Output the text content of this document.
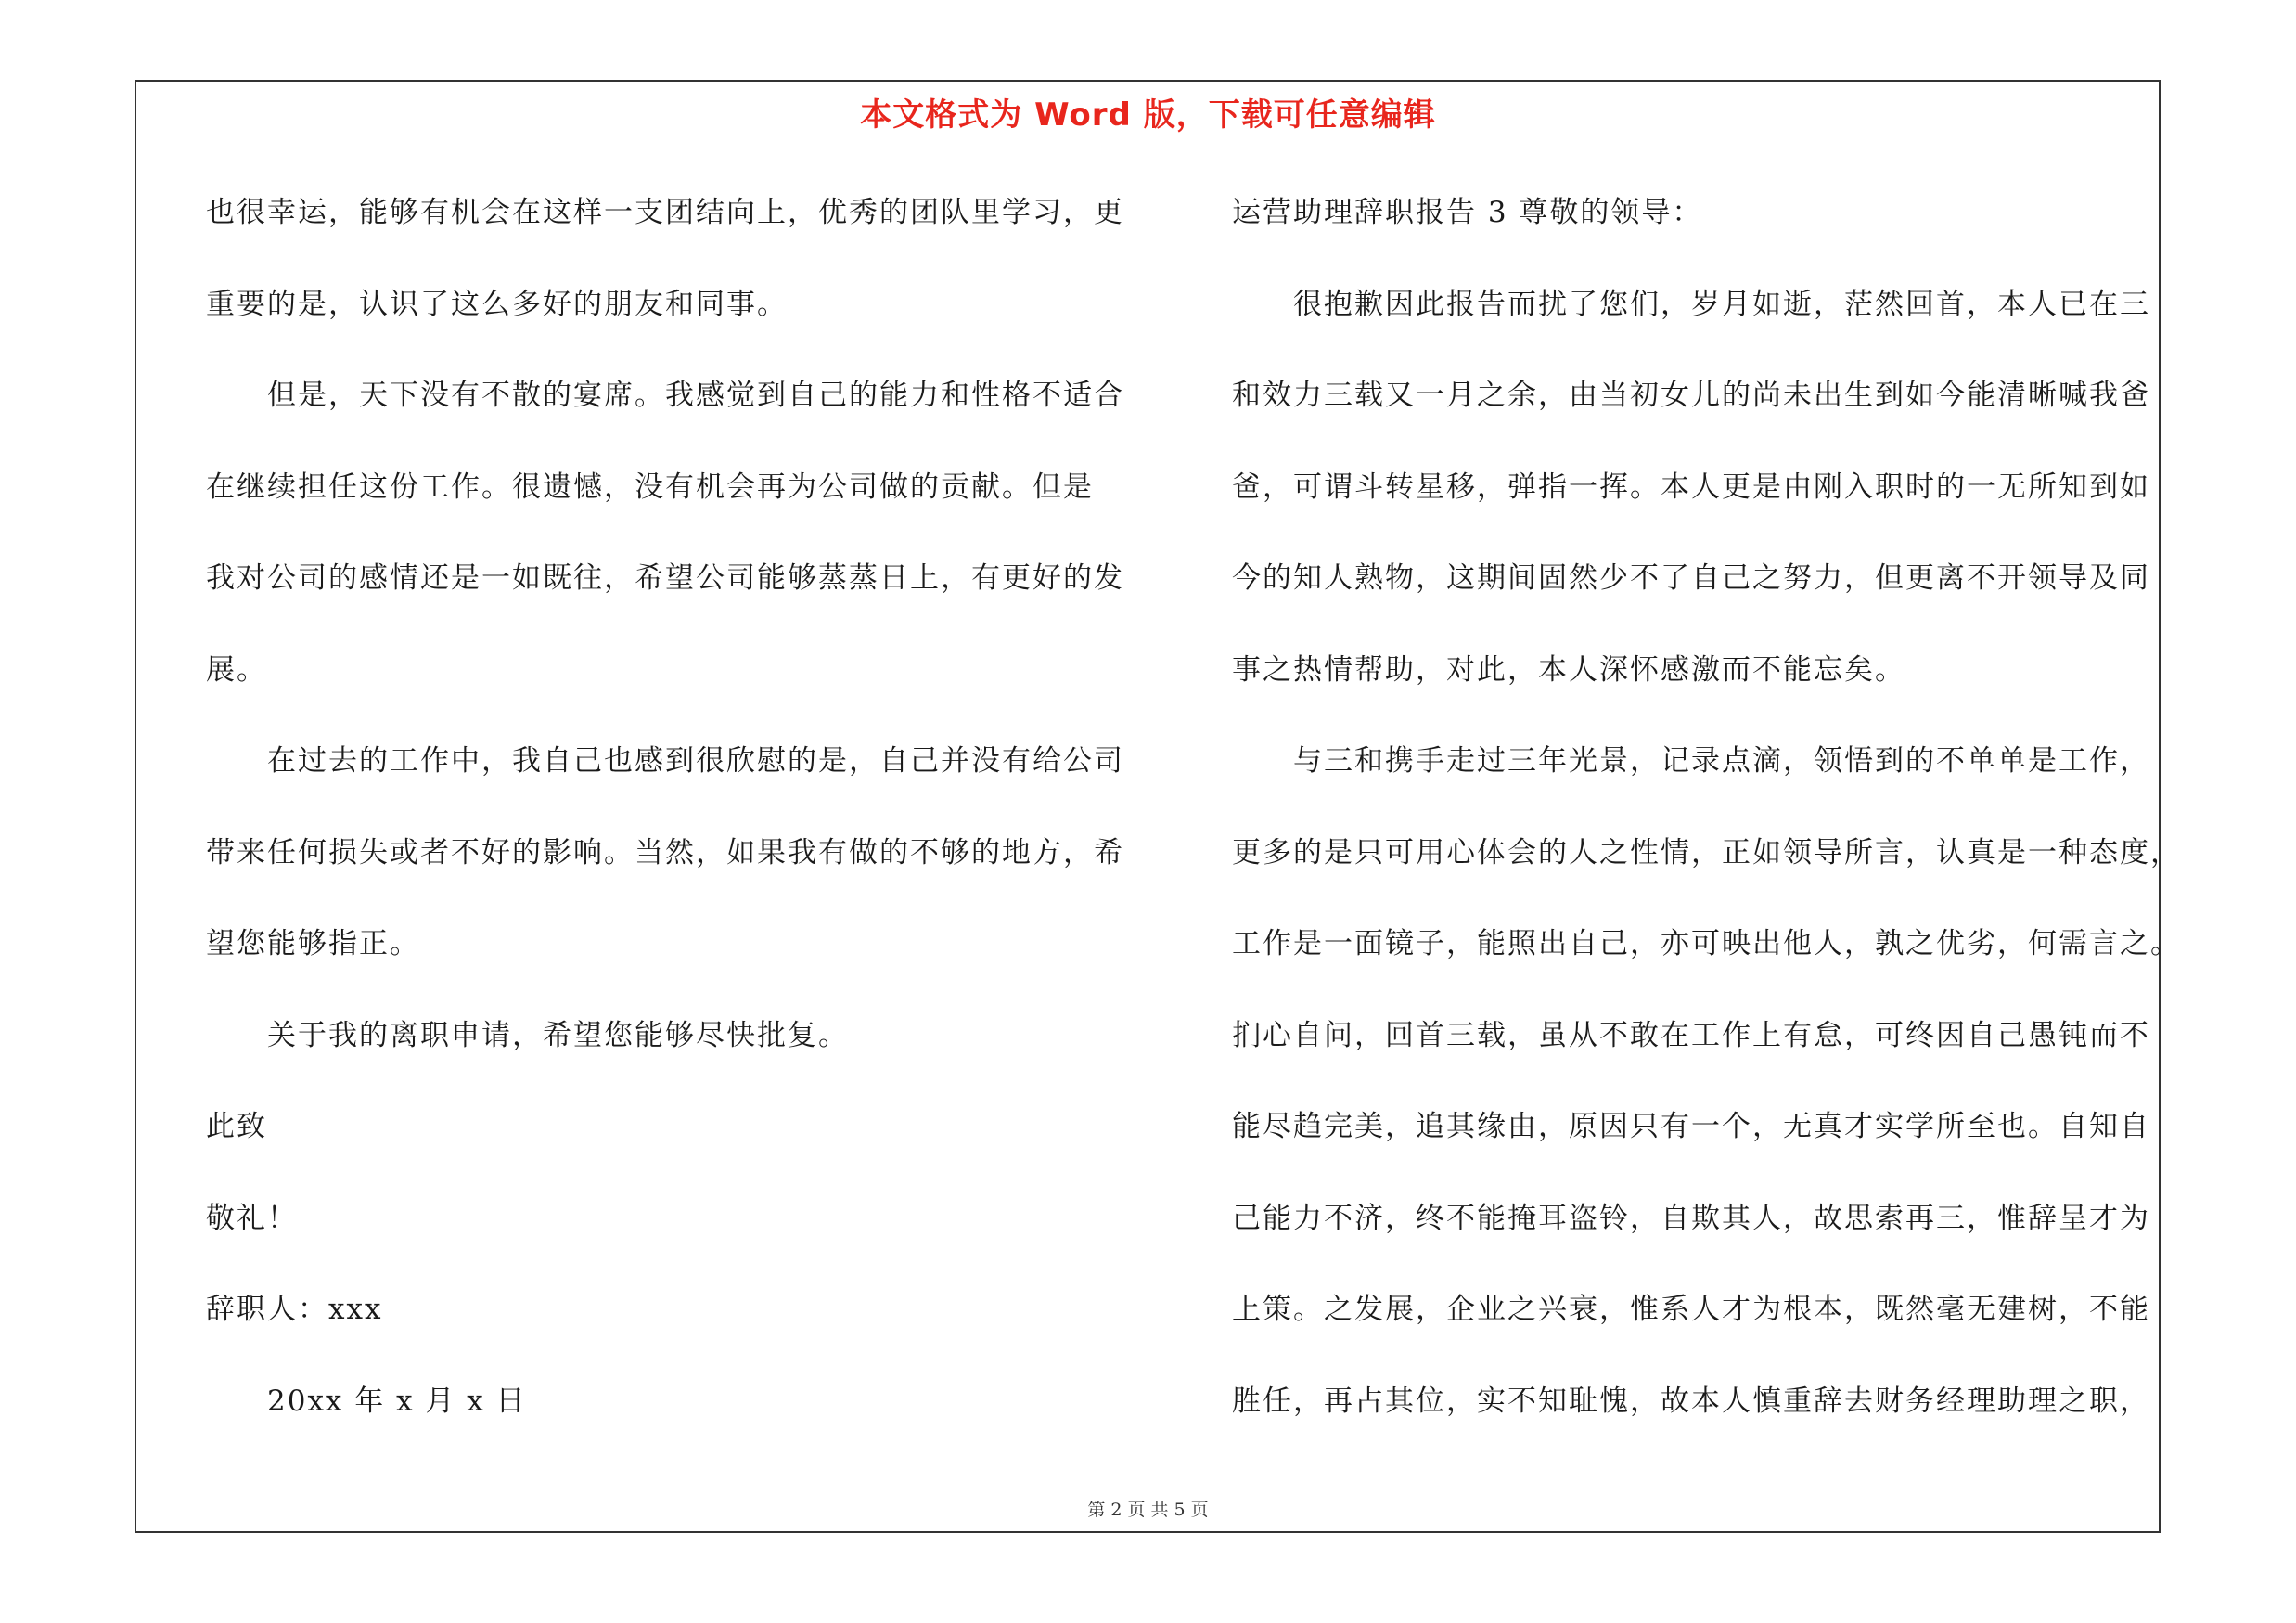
本文格式为 Word 版，下载可任意编辑
也很幸运，能够有机会在这样一支团结向上，优秀的团队里学习，更
重要的是，认识了这么多好的朋友和同事。
　　但是，天下没有不散的宴席。我感觉到自己的能力和性格不适合
在继续担任这份工作。很遗憾，没有机会再为公司做的贡献。但是
我对公司的感情还是一如既往，希望公司能够蒸蒸日上，有更好的发
展。
　　在过去的工作中，我自己也感到很欣慰的是，自己并没有给公司
带来任何损失或者不好的影响。当然，如果我有做的不够的地方，希
望您能够指正。
　　关于我的离职申请，希望您能够尽快批复。
此致
敬礼！
辞职人：xxx
　　20xx 年 x 月 x 日
运营助理辞职报告 3 尊敬的领导：
　　很抱歉因此报告而扰了您们，岁月如逝，茫然回首，本人已在三
和效力三载又一月之余，由当初女儿的尚未出生到如今能清晰喊我爸
爸，可谓斗转星移，弹指一挥。本人更是由刚入职时的一无所知到如
今的知人熟物，这期间固然少不了自己之努力，但更离不开领导及同
事之热情帮助，对此，本人深怀感激而不能忘矣。
　　与三和携手走过三年光景，记录点滴，领悟到的不单单是工作，
更多的是只可用心体会的人之性情，正如领导所言，认真是一种态度，
工作是一面镜子，能照出自己，亦可映出他人，孰之优劣，何需言之。
扪心自问，回首三载，虽从不敢在工作上有怠，可终因自己愚钝而不
能尽趋完美，追其缘由，原因只有一个，无真才实学所至也。自知自
己能力不济，终不能掩耳盗铃，自欺其人，故思索再三，惟辞呈才为
上策。之发展，企业之兴衰，惟系人才为根本，既然毫无建树，不能
胜任，再占其位，实不知耻愧，故本人慎重辞去财务经理助理之职，
第 2 页 共 5 页
